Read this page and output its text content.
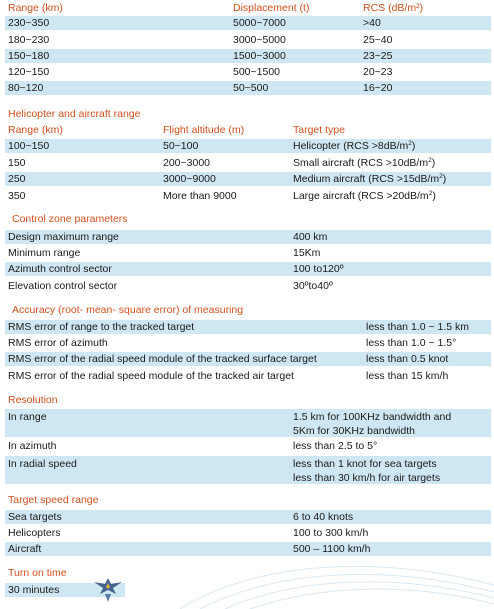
Range (km)	Displacement (t)	RCS (dB/m²)
230~350	5000~7000	>40
180~230	3000~5000	25~40
150~180	1500~3000	23~25
120~150	500~1500	20~23
80~120	50~500	16~20
Helicopter and aircraft range
Range (km)	Flight altitude (m)	Target type
100~150	50~100	Helicopter $(RCS >8dB/m^2)$
150	200~3000	Small aircraft $(RCS >10dB/m^2)$
250	3000~9000	Medium aircraft $(RCS >15dB/m^2)$
350	More than 9000	Large aircraft $(RCS >20dB/m^2)$
Control zone parameters
Design maximum range	400 km
Minimum range	15Km
Azimuth control sector	100 to120º
Elevation control sector	30ºto40º
Accuracy (root- mean- square error) of measuring
RMS error of range to the tracked target	less than 1.0 ~ 1.5 km
RMS error of azimuth	less than 1.0 ~ 1.5°
RMS error of the radial speed module of the tracked surface target	less than 0.5 knot
RMS error of the radial speed module of the tracked air target	less than 15 km/h
Resolution
In range	1.5 km for 100KHz bandwidth and
5Km for 30KHz bandwidth
In azimuth	less than 2.5 to 5°
In radial speed	less than 1 knot for sea targets
less than 30 km/h for air targets
Target speed range
Sea targets	6 to 40 knots
Helicopters	100 to 300 km/h
Aircraft	500 – 1100 km/h
Turn on time
30 minutes
